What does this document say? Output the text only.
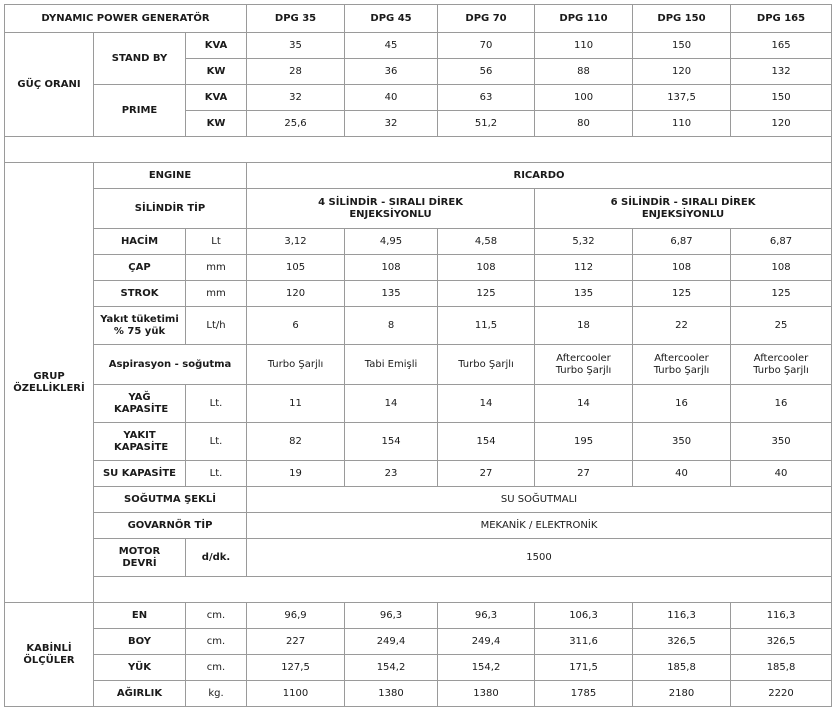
DYNAMIC POWER GENERATÖR			DPG 35	DPG 45	DPG 70	DPG 110	DPG 150	DPG 165
GÜÇ ORANI	STAND BY	KVA	35	45	70	110	150	165
		KW	28	36	56	88	120	132
	PRIME	KVA	32	40	63	100	137,5	150
		KW	25,6	32	51,2	80	110	120

GRUP ÖZELLİKLERİ	ENGINE		RICARDO					
	SİLİNDİR TİP		4 SİLİNDİR - SIRALI DİREK ENJEKSİYONLU			6 SİLİNDİR - SIRALI DİREK ENJEKSİYONLU		
	HACİM	Lt	3,12	4,95	4,58	5,32	6,87	6,87
	ÇAP	mm	105	108	108	112	108	108
	STROK	mm	120	135	125	135	125	125
	Yakıt tüketimi % 75 yük	Lt/h	6	8	11,5	18	22	25
	Aspirasyon - soğutma		Turbo Şarjlı	Tabi Emişli	Turbo Şarjlı	Aftercooler Turbo Şarjlı	Aftercooler Turbo Şarjlı	Aftercooler Turbo Şarjlı
	YAĞ KAPASİTE	Lt.	11	14	14	14	16	16
	YAKIT KAPASİTE	Lt.	82	154	154	195	350	350
	SU KAPASİTE	Lt.	19	23	27	27	40	40
	SOĞUTMA ŞEKLİ		SU SOĞUTMALI					
	GOVARNÖR TİP		MEKANİK / ELEKTRONİK					
	MOTOR DEVRİ	d/dk.	1500					

KABİNLİ ÖLÇÜLER	EN	cm.	96,9	96,3	96,3	106,3	116,3	116,3
	BOY	cm.	227	249,4	249,4	311,6	326,5	326,5
	YÜK	cm.	127,5	154,2	154,2	171,5	185,8	185,8
	AĞIRLIK	kg.	1100	1380	1380	1785	2180	2220
